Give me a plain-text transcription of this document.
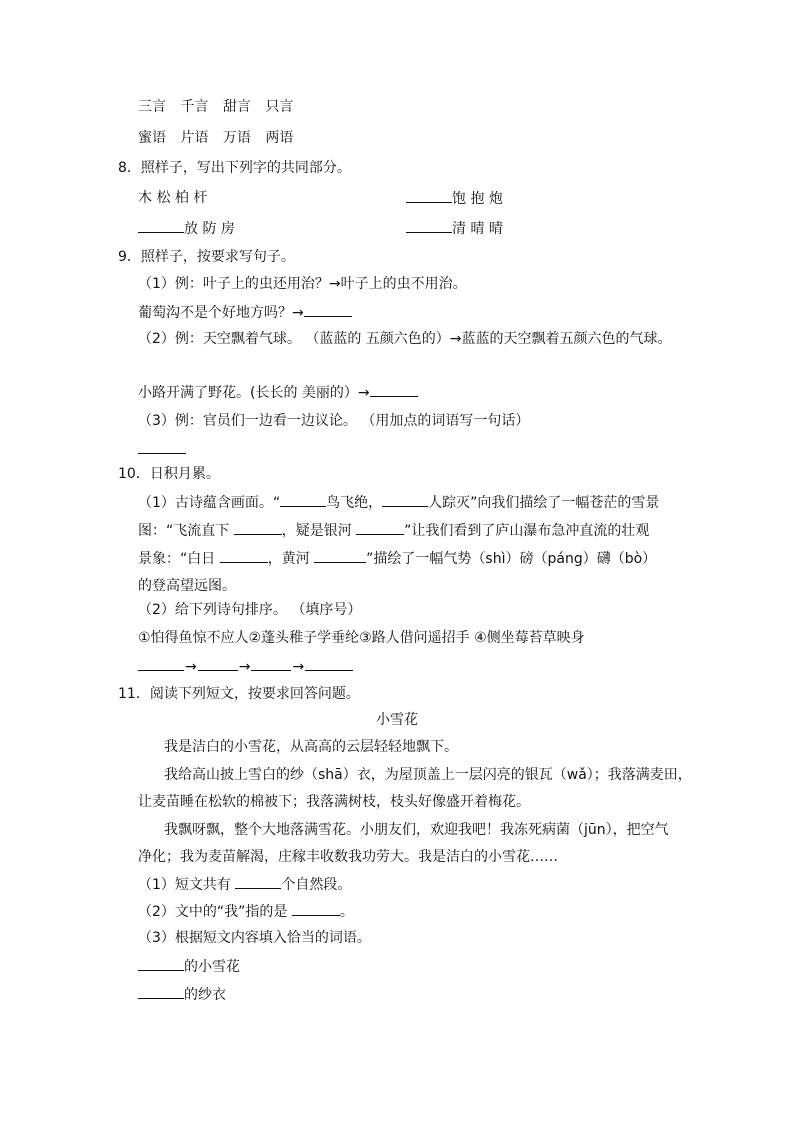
三言 千言 甜言 只言
蜜语 片语 万语 两语
8．照样子，写出下列字的共同部分。
木 松 柏 杆	饱 抱 炮
放 防 房	清 晴 晴
9．照样子，按要求写句子。
（1）例：叶子上的虫还用治？→叶子上的虫不用治。
葡萄沟不是个好地方吗？→
（2）例：天空飘着气球。 （蓝蓝的 五颜六色的）→蓝蓝的天空飘着五颜六色的气球。
小路开满了野花。(长长的 美丽的）→
（3）例：官员们一边看一边议论。 （用加点的词语写一句话）
10．日积月累。
（1）古诗蕴含画面。“	鸟飞绝，	人踪灭”向我们描绘了一幅苍茫的雪景
图：“飞流直下	，疑是银河	”让我们看到了庐山瀑布急冲直流的壮观
景象：“白日	，黄河	”描绘了一幅气势（shì）磅（páng）礴（bò）
的登高望远图。
（2）给下列诗句排序。 （填序号）
①怕得鱼惊不应人②蓬头稚子学垂纶③路人借问遥招手 ④侧坐莓苔草映身
→	→	→
11．阅读下列短文，按要求回答问题。
小雪花
我是洁白的小雪花，从高高的云层轻轻地飘下。
我给高山披上雪白的纱（shā）衣，为屋顶盖上一层闪亮的银瓦（wǎ）；我落满麦田，
让麦苗睡在松软的棉被下；我落满树枝，枝头好像盛开着梅花。
我飘呀飘，整个大地落满雪花。小朋友们，欢迎我吧！我冻死病菌（jūn），把空气
净化；我为麦苗解渴，庄稼丰收数我功劳大。我是洁白的小雪花……
（1）短文共有	个自然段。
（2）文中的“我”指的是	。
（3）根据短文内容填入恰当的词语。
的小雪花
的纱衣
